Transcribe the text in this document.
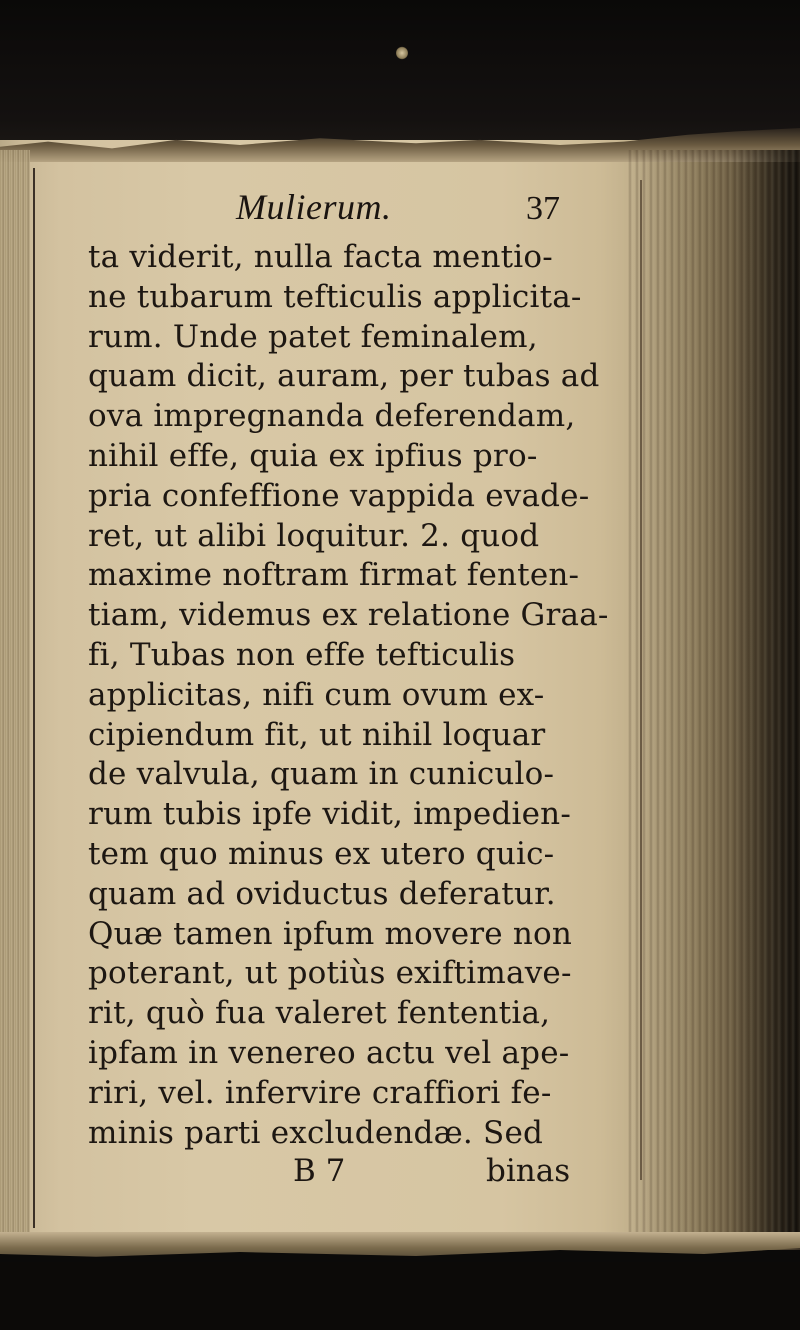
Mulierum.	37
ta viderit, nulla facta mentio-
ne tubarum tefticulis applicita-
rum. Unde patet feminalem,
quam dicit, auram, per tubas ad
ova impregnanda deferendam,
nihil effe, quia ex ipfius pro-
pria confeffione vappida evade-
ret, ut alibi loquitur. 2. quod
maxime noftram firmat fenten-
tiam, videmus ex relatione Graa-
fi, Tubas non effe tefticulis
applicitas, nifi cum ovum ex-
cipiendum fit, ut nihil loquar
de valvula, quam in cuniculo-
rum tubis ipfe vidit, impedien-
tem quo minus ex utero quic-
quam ad oviductus deferatur.
Quæ tamen ipfum movere non
poterant, ut potiùs exiftimave-
rit, quò fua valeret fententia,
ipfam in venereo actu vel ape-
riri, vel. infervire craffiori fe-
minis parti excludendæ. Sed
B 7	binas
